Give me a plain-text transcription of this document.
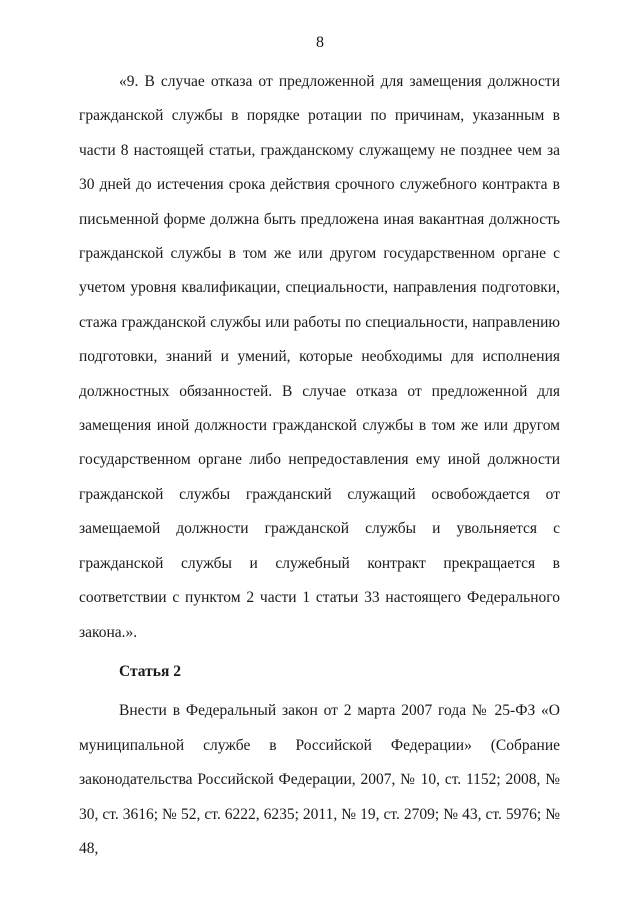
8

«9. В случае отказа от предложенной для замещения должности гражданской службы в порядке ротации по причинам, указанным в части 8 настоящей статьи, гражданскому служащему не позднее чем за 30 дней до истечения срока действия срочного служебного контракта в письменной форме должна быть предложена иная вакантная должность гражданской службы в том же или другом государственном органе с учетом уровня квалификации, специальности, направления подготовки, стажа гражданской службы или работы по специальности, направлению подготовки, знаний и умений, которые необходимы для исполнения должностных обязанностей. В случае отказа от предложенной для замещения иной должности гражданской службы в том же или другом государственном органе либо непредоставления ему иной должности гражданской службы гражданский служащий освобождается от замещаемой должности гражданской службы и увольняется с гражданской службы и служебный контракт прекращается в соответствии с пунктом 2 части 1 статьи 33 настоящего Федерального закона.».

Статья 2

Внести в Федеральный закон от 2 марта 2007 года № 25-ФЗ «О муниципальной службе в Российской Федерации» (Собрание законодательства Российской Федерации, 2007, № 10, ст. 1152; 2008, № 30, ст. 3616; № 52, ст. 6222, 6235; 2011, № 19, ст. 2709; № 43, ст. 5976; № 48,
